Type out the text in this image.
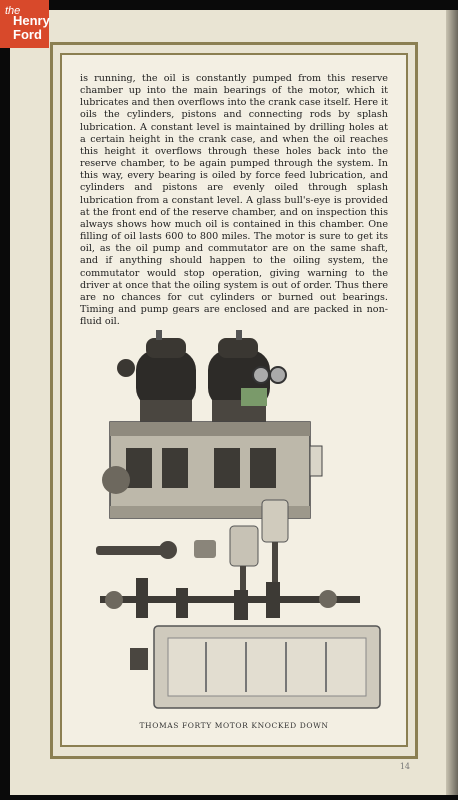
the
Henry
Ford

is running, the oil is constantly pumped from this reserve chamber up into the main bearings of the motor, which it lubricates and then overflows into the crank case itself. Here it oils the cylinders, pistons and connecting rods by splash lubrication. A constant level is maintained by drilling holes at a certain height in the crank case, and when the oil reaches this height it overflows through these holes back into the reserve chamber, to be again pumped through the system. In this way, every bearing is oiled by force feed lubrication, and cylinders and pistons are evenly oiled through splash lubrication from a constant level. A glass bull's-eye is provided at the front end of the reserve chamber, and on inspection this always shows how much oil is contained in this chamber. One filling of oil lasts 600 to 800 miles. The motor is sure to get its oil, as the oil pump and commutator are on the same shaft, and if anything should happen to the oiling system, the commutator would stop operation, giving warning to the driver at once that the oiling system is out of order. Thus there are no chances for cut cylinders or burned out bearings. Timing and pump gears are enclosed and are packed in non-fluid oil.

THOMAS FORTY MOTOR KNOCKED DOWN
14
